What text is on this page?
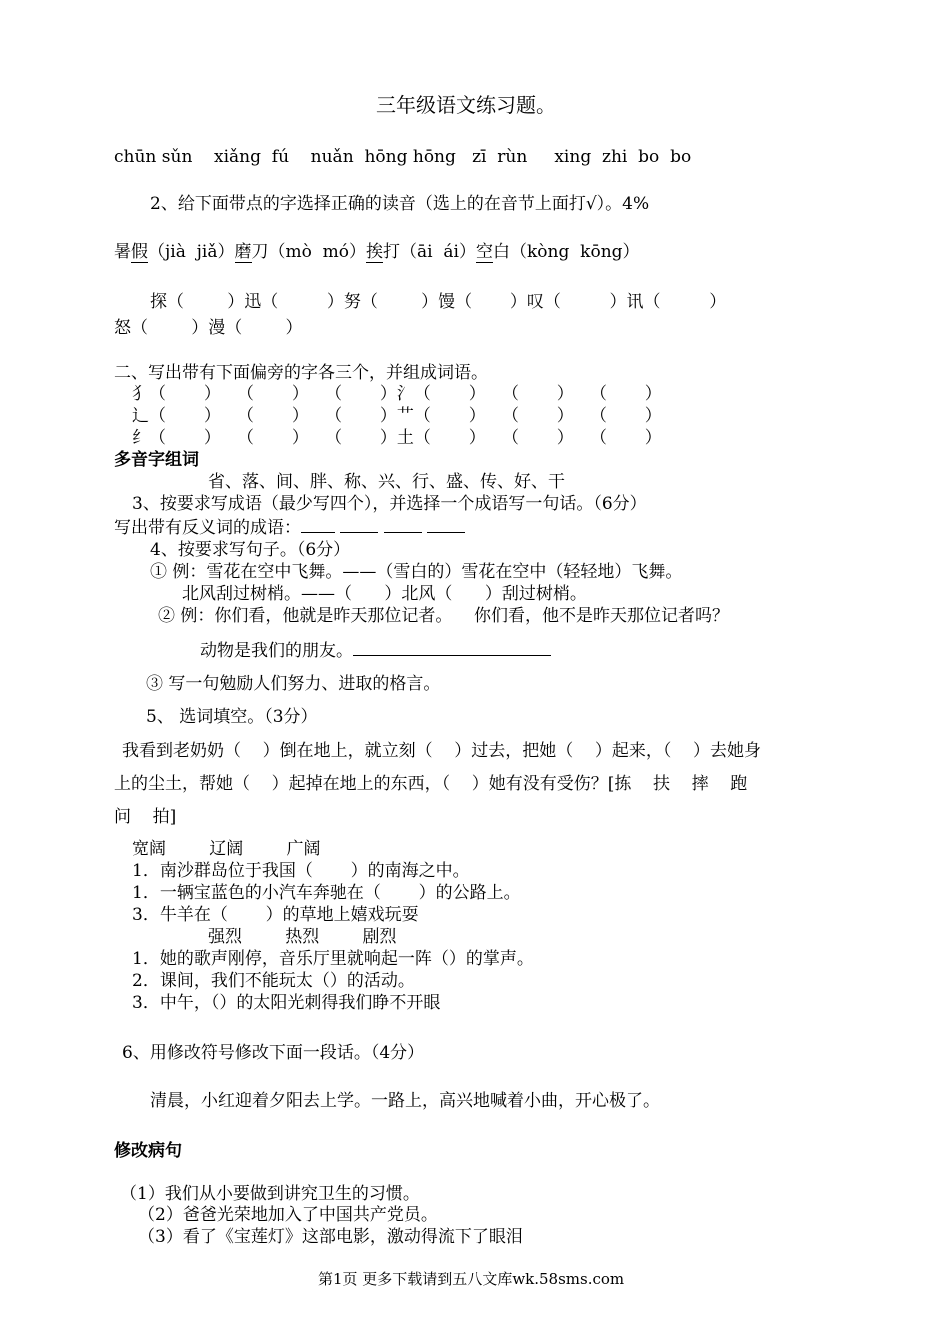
三年级语文练习题。
chūn sǔn    xiǎng  fú    nuǎn  hōng hōng   zī  rùn     xing  zhi  bo  bo
2、给下面带点的字选择正确的读音（选上的在音节上面打√）。4%
暑假（jià  jiǎ）磨刀（mò  mó）挨打（āi  ái）空白（kòng  kōng）
探（        ）迅（         ）努（        ）馒（       ）叹（         ）讯（         ）
怒（        ）漫（        ）
二、写出带有下面偏旁的字各三个，并组成词语。
犭（       ）   （       ）   （       ）氵（       ）   （       ）   （       ）
辶（       ）   （       ）   （       ）艹（       ）   （       ）   （       ）
纟（       ）   （       ）   （       ）土（       ）   （       ）   （       ）
多音字组词
省、落、间、胖、称、兴、行、盛、传、好、干
3、按要求写成语（最少写四个），并选择一个成语写一句话。（6分）
写出带有反义词的成语：
4、按要求写句子。（6分）
① 例：雪花在空中飞舞。——（雪白的）雪花在空中（轻轻地）飞舞。
北风刮过树梢。——（      ）北风（      ）刮过树梢。
② 例：你们看，他就是昨天那位记者。    你们看，他不是昨天那位记者吗？
动物是我们的朋友。
③ 写一句勉励人们努力、进取的格言。
5、 选词填空。（3分）
我看到老奶奶（    ）倒在地上，就立刻（    ）过去，把她（    ）起来，（    ）去她身
上的尘土，帮她（    ）起掉在地上的东西，（    ）她有没有受伤？[拣    扶    摔    跑
问    拍]
宽阔        辽阔        广阔
1．南沙群岛位于我国（       ）的南海之中。
1．一辆宝蓝色的小汽车奔驰在（       ）的公路上。
3．牛羊在（       ）的草地上嬉戏玩耍
强烈        热烈        剧烈
1．她的歌声刚停，音乐厅里就响起一阵（）的掌声。
2．课间，我们不能玩太（）的活动。
3．中午，（）的太阳光刺得我们睁不开眼
6、用修改符号修改下面一段话。（4分）
清晨，小红迎着夕阳去上学。一路上，高兴地喊着小曲，开心极了。
修改病句
（1）我们从小要做到讲究卫生的习惯。
（2）爸爸光荣地加入了中国共产党员。
（3）看了《宝莲灯》这部电影，激动得流下了眼泪
第1页 更多下载请到五八文库wk.58sms.com
